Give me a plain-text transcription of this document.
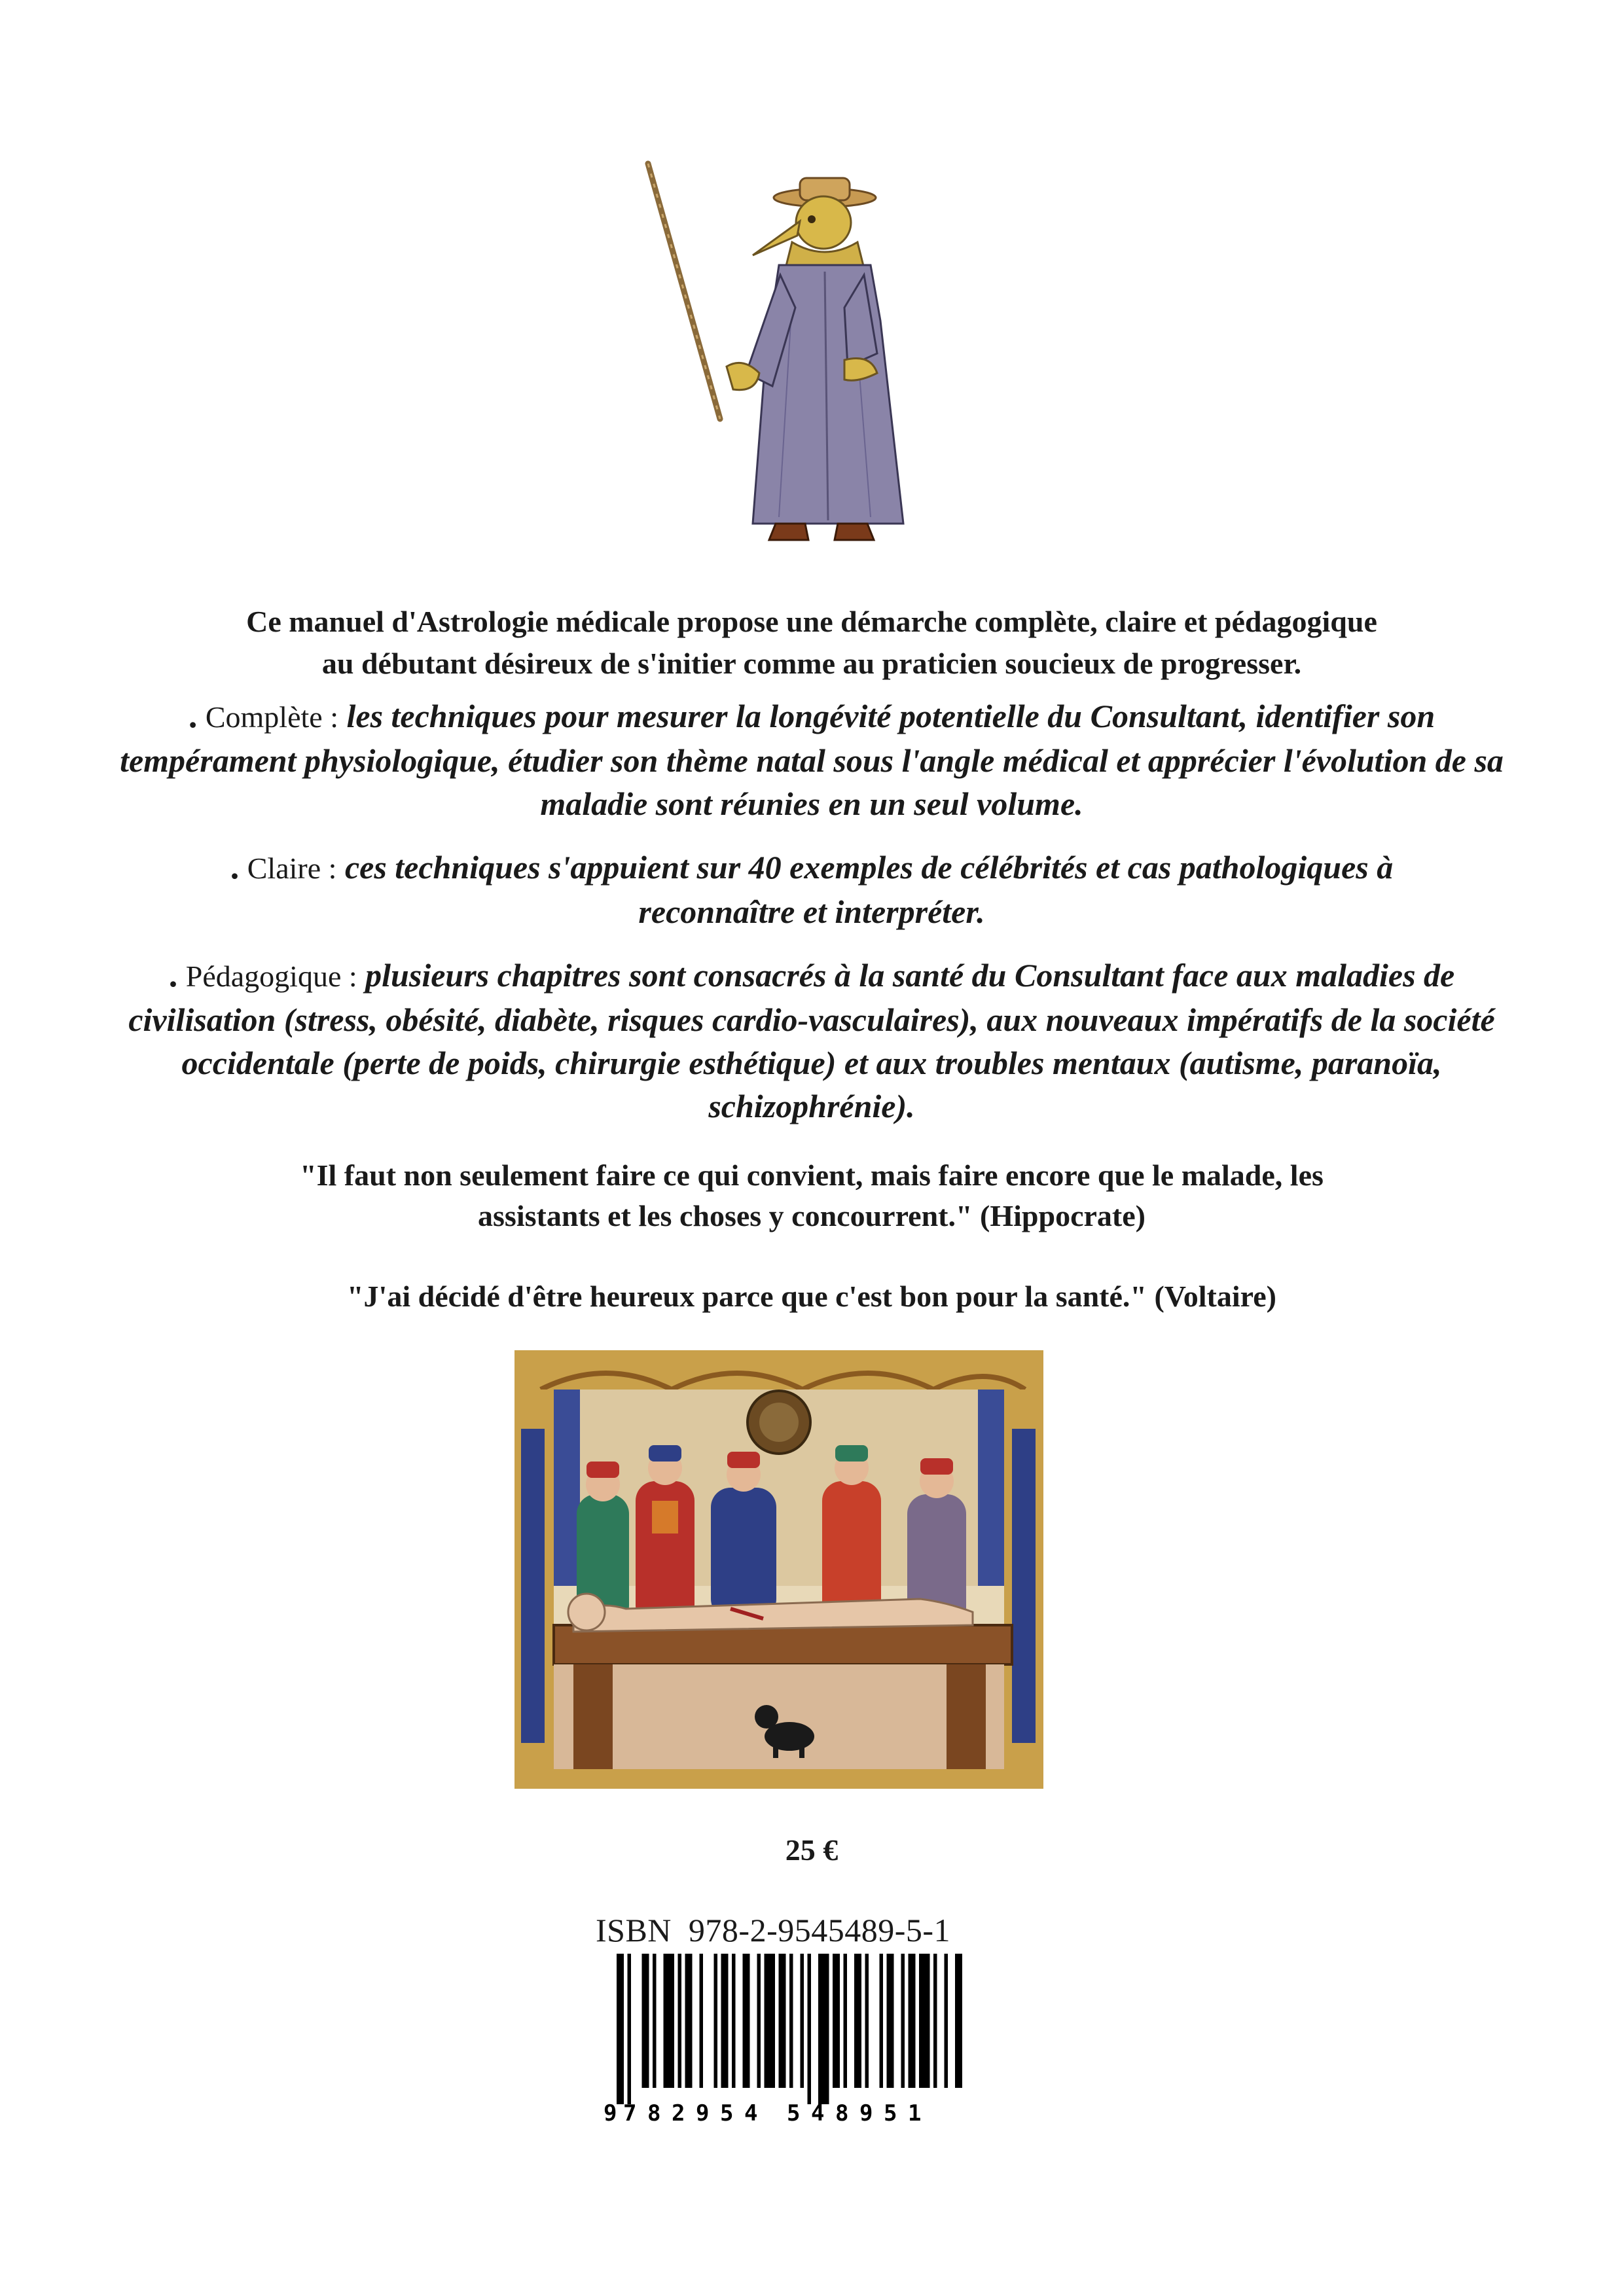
Ce manuel d'Astrologie médicale propose une démarche complète, claire et pédagogique
au débutant désireux de s'initier comme au praticien soucieux de progresser.
. Complète : les techniques pour mesurer la longévité potentielle du Consultant, identifier son tempérament physiologique, étudier son thème natal sous l'angle médical et apprécier l'évolution de sa maladie sont réunies en un seul volume.
. Claire : ces techniques s'appuient sur 40 exemples de célébrités et cas pathologiques à reconnaître et interpréter.
. Pédagogique : plusieurs chapitres sont consacrés à la santé du Consultant face aux maladies de civilisation (stress, obésité, diabète, risques cardio-vasculaires), aux nouveaux impératifs de la société occidentale (perte de poids, chirurgie esthétique) et aux troubles mentaux (autisme, paranoïa, schizophrénie).
"Il faut non seulement faire ce qui convient, mais faire encore que le malade, les
assistants et les choses y concourrent." (Hippocrate)
"J'ai décidé d'être heureux parce que c'est bon pour la santé." (Voltaire)
25 €
ISBN 978-2-9545489-5-1
9 7 8 2 9 5 4 5 4 8 9 5 1
